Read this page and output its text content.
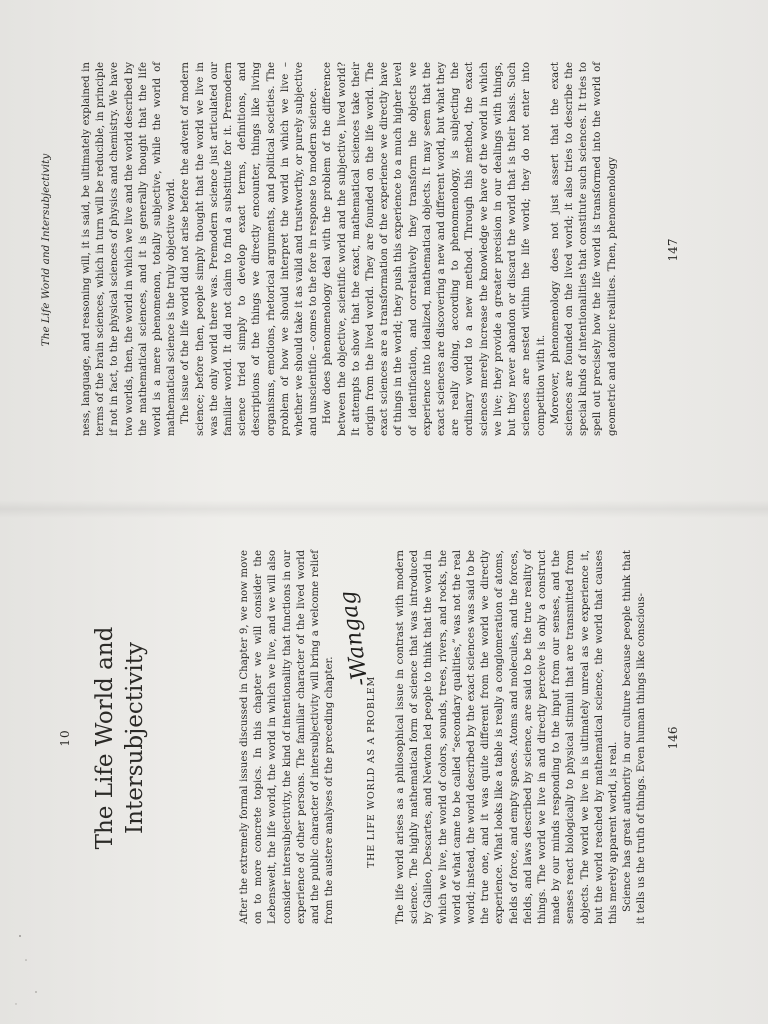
10 The Life World and Intersubjectivity	After the extremely formal issues discussed in Chapter 9, we now move on to more concrete topics. In this chapter we will consider the Lebenswelt, the life world, the world in which we live, and we will also consider intersubjectivity, the kind of intentionality that functions in our experience of other persons. The familiar character of the lived world and the public character of intersubjectivity will bring a welcome relief from the austere analyses of the preceding chapter.	THE LIFE WORLD AS A PROBLEM
-Wangag The life world arises as a philosophical issue in contrast with modern science. The highly mathematical form of science that was introduced by Galileo, Descartes, and Newton led people to think that the world in which we live, the world of colors, sounds, trees, rivers, and rocks, the world of what came to be called “secondary qualities,” was not the real world; instead, the world described by the exact sciences was said to be the true one, and it was quite different from the world we directly experience. What looks like a table is really a conglomeration of atoms, fields of force, and empty spaces. Atoms and molecules, and the forces, fields, and laws described by science, are said to be the true reality of things. The world we live in and directly perceive is only a construct made by our minds responding to the input from our senses, and the senses react biologically to physical stimuli that are transmitted from objects. The world we live in is ultimately unreal as we experience it, but the world reached by mathematical science, the world that causes this merely apparent world, is real. Science has great authority in our culture because people think that it tells us the truth of things. Even human things like conscious- 146
The Life World and Intersubjectivity	ness, language, and reasoning will, it is said, be ultimately explained in terms of the brain sciences, which in turn will be reducible, in principle if not in fact, to the physical sciences of physics and chemistry. We have two worlds, then, the world in which we live and the world described by the mathematical sciences, and it is generally thought that the life world is a mere phenomenon, totally subjective, while the world of mathematical science is the truly objective world. The issue of the life world did not arise before the advent of modern science; before then, people simply thought that the world we live in was the only world there was. Premodern science just articulated our familiar world. It did not claim to find a substitute for it. Premodern science tried simply to develop exact terms, definitions, and descriptions of the things we directly encounter, things like living organisms, emotions, rhetorical arguments, and political societies. The problem of how we should interpret the world in which we live – whether we should take it as valid and trustworthy, or purely subjective and unscientific – comes to the fore in response to modern science. How does phenomenology deal with the problem of the difference between the objective, scientific world and the subjective, lived world? It attempts to show that the exact, mathematical sciences take their origin from the lived world. They are founded on the life world. The exact sciences are a transformation of the experience we directly have of things in the world; they push this experience to a much higher level of identification, and correlatively they transform the objects we experience into idealized, mathematical objects. It may seem that the exact sciences are discovering a new and different world, but what they are really doing, according to phenomenology, is subjecting the ordinary world to a new method. Through this method, the exact sciences merely increase the knowledge we have of the world in which we live; they provide a greater precision in our dealings with things, but they never abandon or discard the world that is their basis. Such sciences are nested within the life world; they do not enter into competition with it. Moreover, phenomenology does not just assert that the exact sciences are founded on the lived world; it also tries to describe the special kinds of intentionalities that constitute such sciences. It tries to spell out precisely how the life world is transformed into the world of geometric and atomic realities. Then, phenomenology	147
